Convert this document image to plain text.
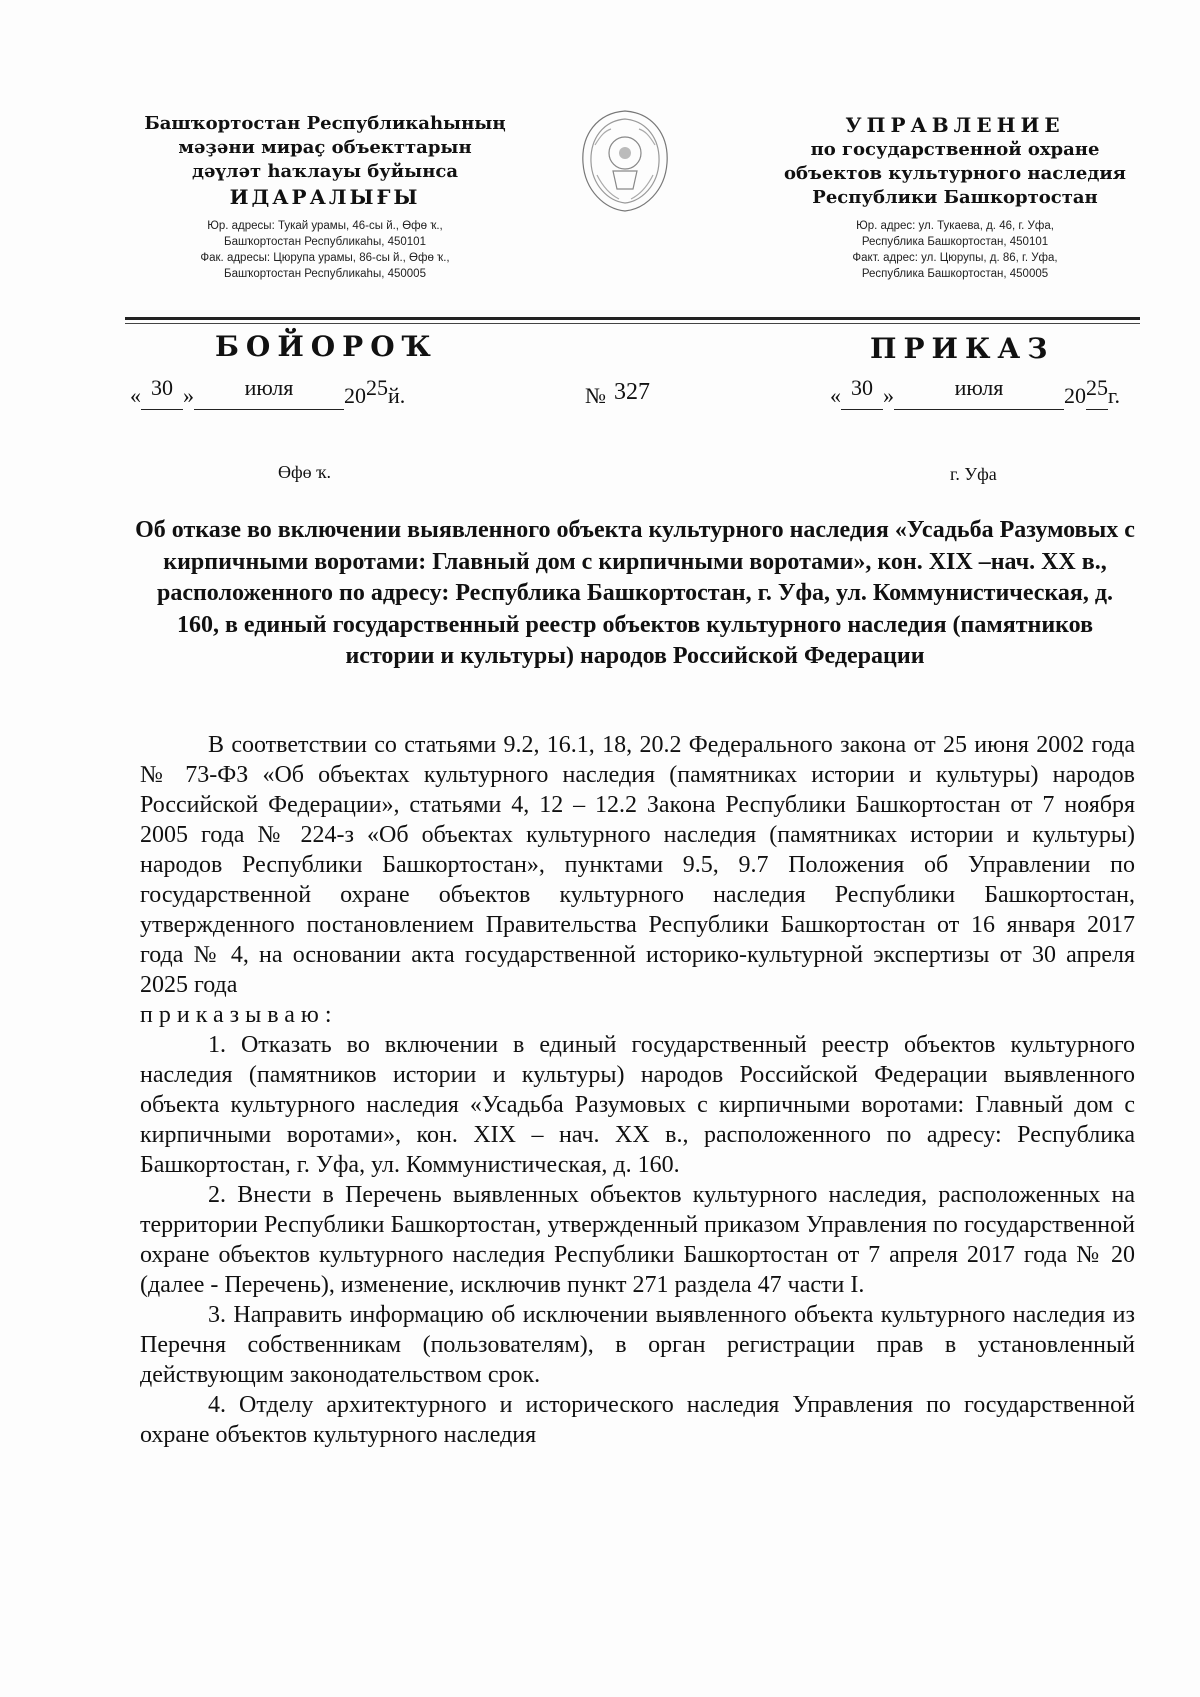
Башҡортостан Республикаһының
мәҙәни мираҫ объекттарын
дәүләт һаҡлауы буйынса
ИДАРАЛЫҒЫ
Юр. адресы: Тукай урамы, 46-сы й., Өфө ҡ.,
Башҡортостан Республикаһы, 450101
Фак. адресы: Цюрупа урамы, 86-сы й., Өфө ҡ.,
Башҡортостан Республикаһы, 450005
УПРАВЛЕНИЕ
по государственной охране
объектов культурного наследия
Республики Башкортостан
Юр. адрес: ул. Тукаева, д. 46, г. Уфа,
Республика Башкортостан, 450101
Факт. адрес: ул. Цюрупы, д. 86, г. Уфа,
Республика Башкортостан, 450005
БОЙОРОҠ	ПРИКАЗ
« 30 » июля 2025й.	№ 327	« 30 »	июля	2025г.
Өфө ҡ.	г. Уфа
Об отказе во включении выявленного объекта культурного наследия «Усадьба Разумовых с кирпичными воротами: Главный дом с кирпичными воротами», кон. XIX –нач. XX в., расположенного по адресу: Республика Башкортостан, г. Уфа, ул. Коммунистическая, д. 160, в единый государственный реестр объектов культурного наследия (памятников истории и культуры) народов Российской Федерации

В соответствии со статьями 9.2, 16.1, 18, 20.2 Федерального закона от 25 июня 2002 года № 73-ФЗ «Об объектах культурного наследия (памятниках истории и культуры) народов Российской Федерации», статьями 4, 12 – 12.2 Закона Республики Башкортостан от 7 ноября 2005 года № 224-з «Об объектах культурного наследия (памятниках истории и культуры) народов Республики Башкортостан», пунктами 9.5, 9.7 Положения об Управлении по государственной охране объектов культурного наследия Республики Башкортостан, утвержденного постановлением Правительства Республики Башкортостан от 16 января 2017 года № 4, на основании акта государственной историко-культурной экспертизы от 30 апреля 2025 года

приказываю:

1. Отказать во включении в единый государственный реестр объектов культурного наследия (памятников истории и культуры) народов Российской Федерации выявленного объекта культурного наследия «Усадьба Разумовых с кирпичными воротами: Главный дом с кирпичными воротами», кон. XIX – нач. XX в., расположенного по адресу: Республика Башкортостан, г. Уфа, ул. Коммунистическая, д. 160.

2. Внести в Перечень выявленных объектов культурного наследия, расположенных на территории Республики Башкортостан, утвержденный приказом Управления по государственной охране объектов культурного наследия Республики Башкортостан от 7 апреля 2017 года № 20 (далее - Перечень), изменение, исключив пункт 271 раздела 47 части I.

3. Направить информацию об исключении выявленного объекта культурного наследия из Перечня собственникам (пользователям), в орган регистрации прав в установленный действующим законодательством срок.

4. Отделу архитектурного и исторического наследия Управления по государственной охране объектов культурного наследия
